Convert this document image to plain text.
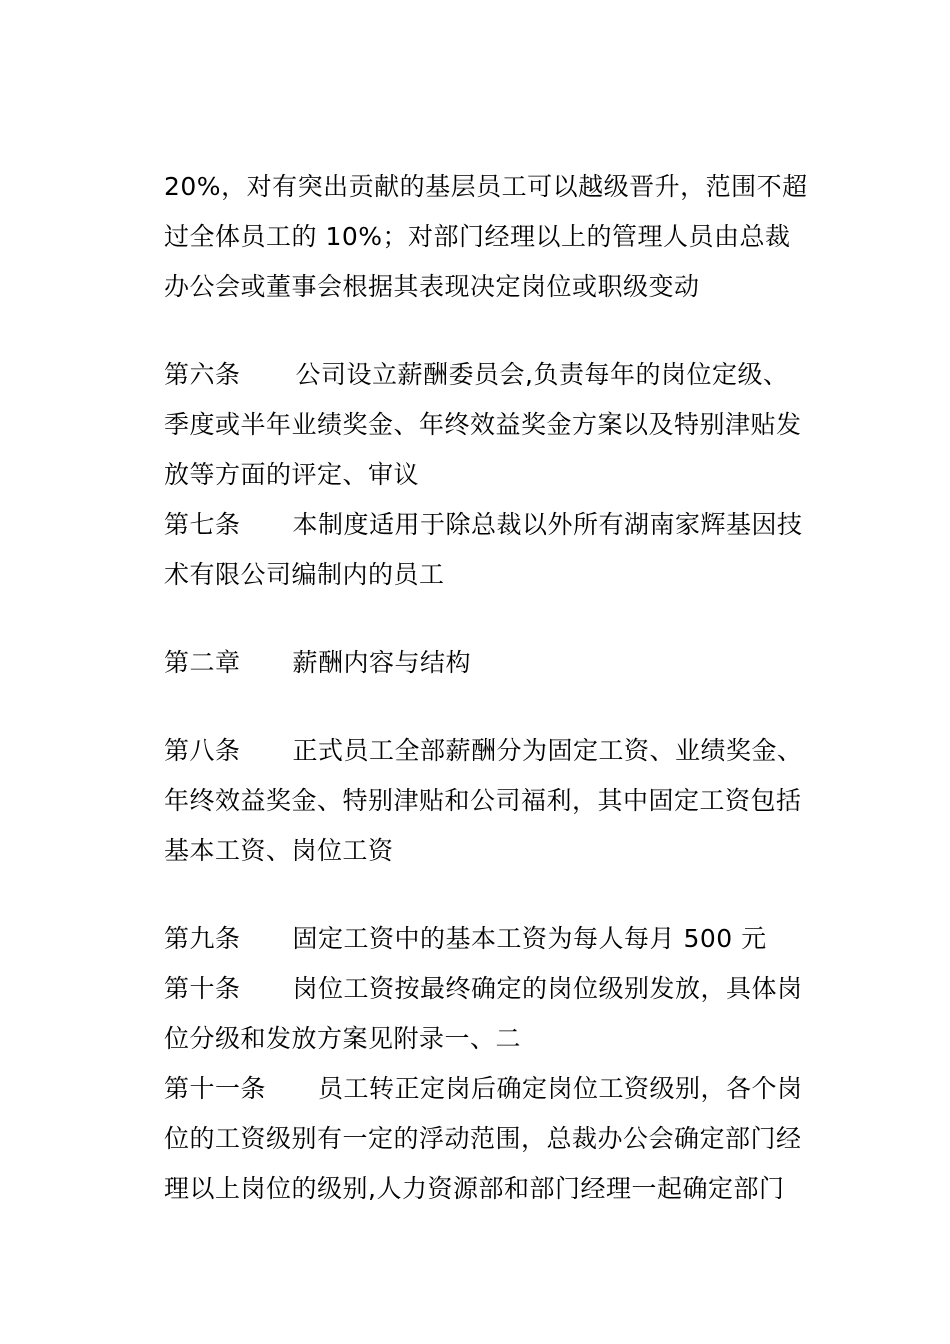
20%，对有突出贡献的基层员工可以越级晋升，范围不超
过全体员工的 10%；对部门经理以上的管理人员由总裁
办公会或董事会根据其表现决定岗位或职级变动
第六条 公司设立薪酬委员会,负责每年的岗位定级、
季度或半年业绩奖金、年终效益奖金方案以及特别津贴发
放等方面的评定、审议
第七条 本制度适用于除总裁以外所有湖南家辉基因技
术有限公司编制内的员工
第二章 薪酬内容与结构
第八条 正式员工全部薪酬分为固定工资、业绩奖金、
年终效益奖金、特别津贴和公司福利，其中固定工资包括
基本工资、岗位工资
第九条 固定工资中的基本工资为每人每月 500 元
第十条 岗位工资按最终确定的岗位级别发放，具体岗
位分级和发放方案见附录一、二
第十一条 员工转正定岗后确定岗位工资级别，各个岗
位的工资级别有一定的浮动范围，总裁办公会确定部门经
理以上岗位的级别,人力资源部和部门经理一起确定部门
